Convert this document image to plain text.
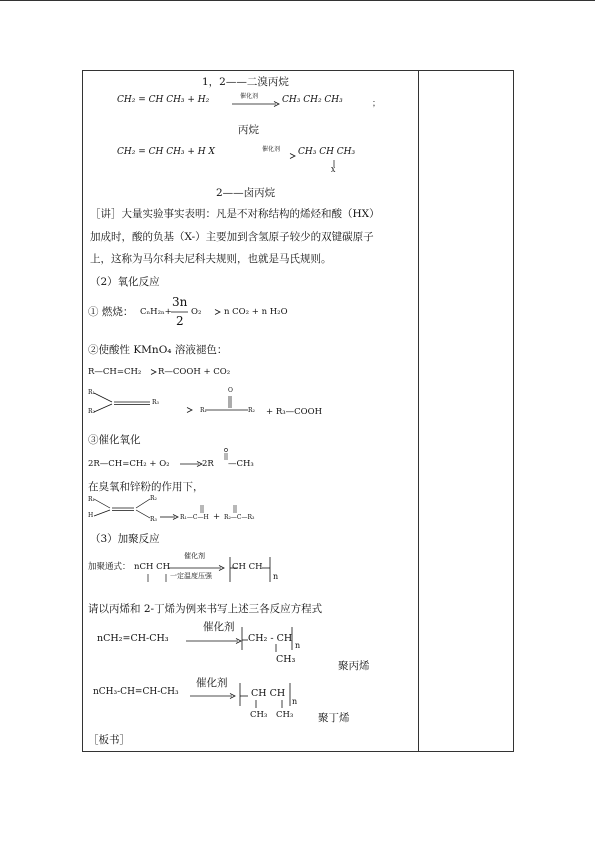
1，2——二溴丙烷
CH₂ = CH CH₃ + H₂	催化剂	CH₃ CH₂ CH₃	；
丙烷
CH₂ = CH CH₃ + H X	催化剂 CH₃ CH CH₃
X
2——卤丙烷
［讲］大量实验事实表明：凡是不对称结构的烯烃和酸（HX）
加成时，酸的负基（X-）主要加到含氢原子较少的双键碳原子
上，这称为马尔科夫尼科夫规则，也就是马氏规则。
（2）氧化反应
① 燃烧： CₙH₂ₙ+
3n
2
O₂	n CO₂ + n H₂O
②使酸性 KMnO₄ 溶液褪色：
R—CH=CH₂ R—COOH + CO₂
R₁
R₂
R₃
R₁
O
R₂ + R₃—COOH
③催化氧化
2R—CH=CH₂ + O₂	2R —CH₃
在臭氧和锌粉的作用下，
R₁
H
R₂
R₃	R₁—C—H + R₂—C—R₃
（3）加聚反应
加聚通式： nCH CH
催化剂
一定温度压强
CH CH
n
请以丙烯和 2-丁烯为例来书写上述三各反应方程式
nCH₂=CH-CH₃
催化剂
CH₂ - CH
n
CH₃
聚丙烯
nCH₃-CH=CH-CH₃
催化剂
CH CH
n
CH₃ CH₃ 聚丁烯
［板书］
